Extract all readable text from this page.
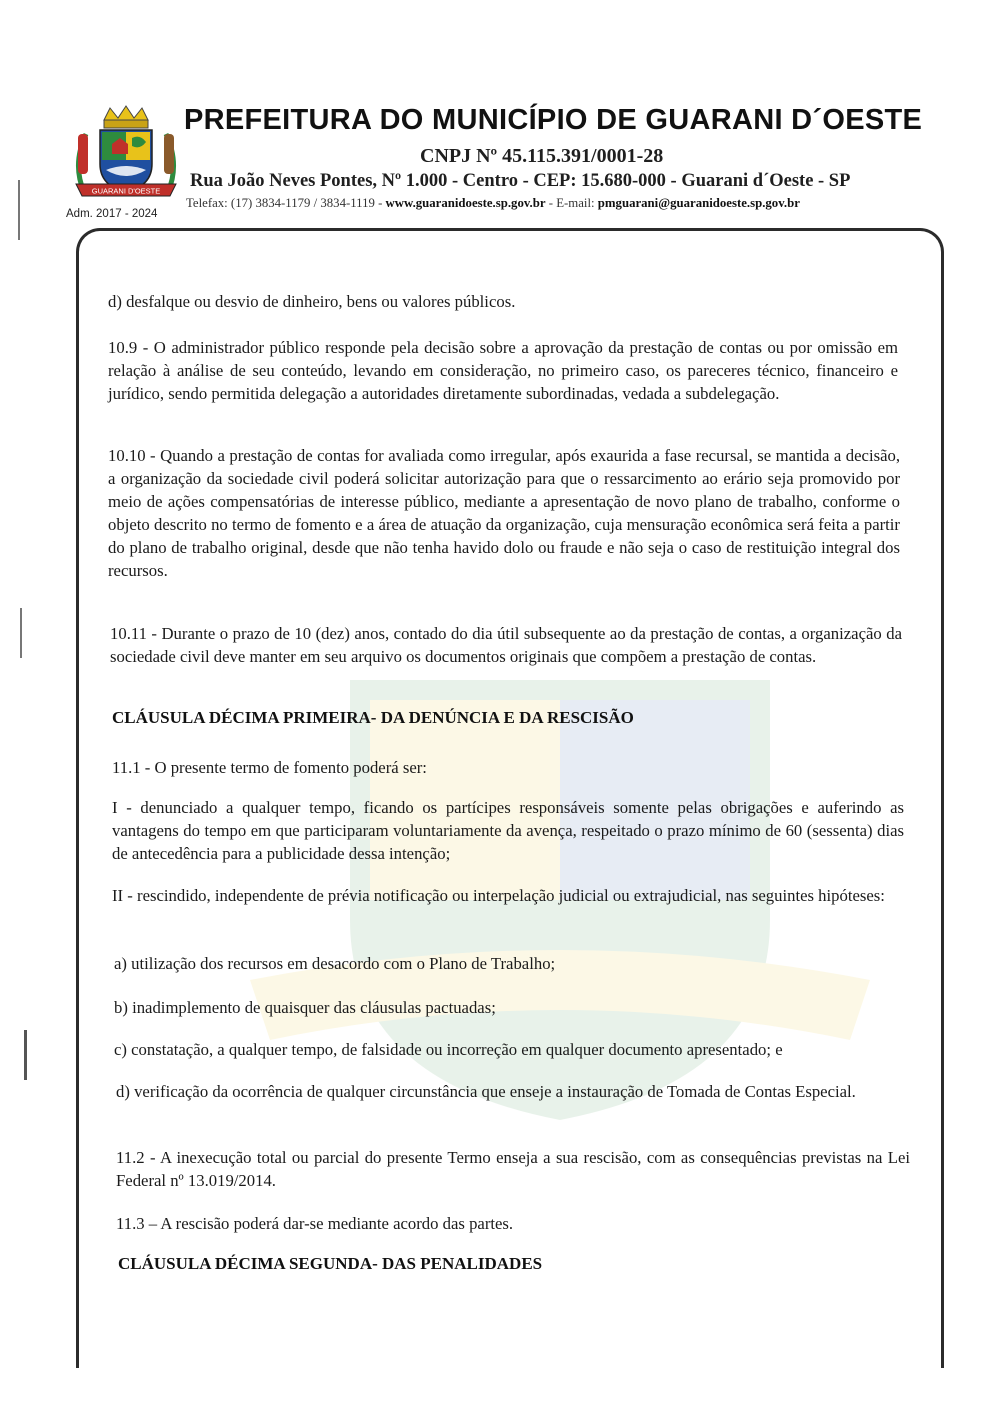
GUARANI D'OESTE
Adm. 2017 - 2024
PREFEITURA DO MUNICÍPIO DE GUARANI D´OESTE
CNPJ Nº 45.115.391/0001-28
Rua João Neves Pontes, Nº 1.000 - Centro - CEP: 15.680-000 - Guarani d´Oeste - SP
Telefax: (17) 3834-1179 / 3834-1119 - www.guaranidoeste.sp.gov.br - E-mail: pmguarani@guaranidoeste.sp.gov.br

d) desfalque ou desvio de dinheiro, bens ou valores públicos.

10.9 - O administrador público responde pela decisão sobre a aprovação da prestação de contas ou por omissão em relação à análise de seu conteúdo, levando em consideração, no primeiro caso, os pareceres técnico, financeiro e jurídico, sendo permitida delegação a autoridades diretamente subordinadas, vedada a subdelegação.

10.10 - Quando a prestação de contas for avaliada como irregular, após exaurida a fase recursal, se mantida a decisão, a organização da sociedade civil poderá solicitar autorização para que o ressarcimento ao erário seja promovido por meio de ações compensatórias de interesse público, mediante a apresentação de novo plano de trabalho, conforme o objeto descrito no termo de fomento e a área de atuação da organização, cuja mensuração econômica será feita a partir do plano de trabalho original, desde que não tenha havido dolo ou fraude e não seja o caso de restituição integral dos recursos.

10.11 - Durante o prazo de 10 (dez) anos, contado do dia útil subsequente ao da prestação de contas, a organização da sociedade civil deve manter em seu arquivo os documentos originais que compõem a prestação de contas.

CLÁUSULA DÉCIMA PRIMEIRA- DA DENÚNCIA E DA RESCISÃO

11.1 - O presente termo de fomento poderá ser:

I - denunciado a qualquer tempo, ficando os partícipes responsáveis somente pelas obrigações e auferindo as vantagens do tempo em que participaram voluntariamente da avença, respeitado o prazo mínimo de 60 (sessenta) dias de antecedência para a publicidade dessa intenção;

II - rescindido, independente de prévia notificação ou interpelação judicial ou extrajudicial, nas seguintes hipóteses:

a) utilização dos recursos em desacordo com o Plano de Trabalho;

b) inadimplemento de quaisquer das cláusulas pactuadas;

c) constatação, a qualquer tempo, de falsidade ou incorreção em qualquer documento apresentado; e

d) verificação da ocorrência de qualquer circunstância que enseje a instauração de Tomada de Contas Especial.

11.2 - A inexecução total ou parcial do presente Termo enseja a sua rescisão, com as consequências previstas na Lei Federal nº 13.019/2014.

11.3 – A rescisão poderá dar-se mediante acordo das partes.

CLÁUSULA DÉCIMA SEGUNDA- DAS PENALIDADES
